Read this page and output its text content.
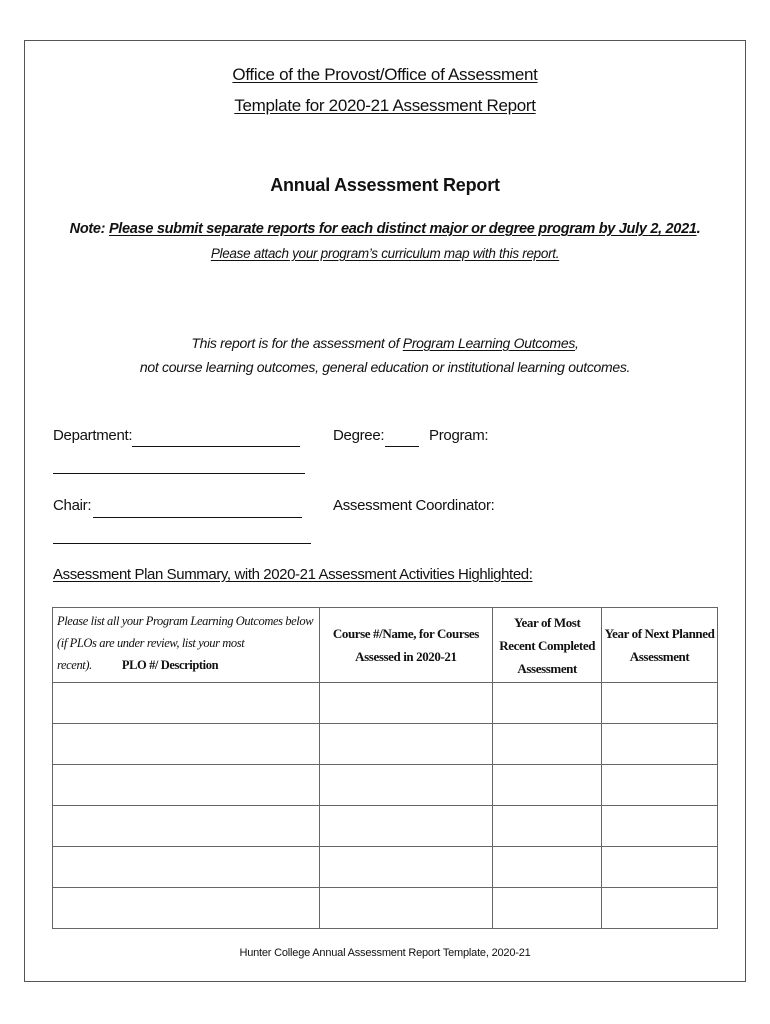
Office of the Provost/Office of Assessment
Template for 2020-21 Assessment Report
Annual Assessment Report
Note: Please submit separate reports for each distinct major or degree program by July 2, 2021.
Please attach your program’s curriculum map with this report.
This report is for the assessment of Program Learning Outcomes,
not course learning outcomes, general education or institutional learning outcomes.
Department:	Degree:	Program:
Chair:	Assessment Coordinator:
Assessment Plan Summary, with 2020-21 Assessment Activities Highlighted:
Please list all your Program Learning Outcomes below (if PLOs are under review, list your most recent). PLO #/ Description	Course #/Name, for Courses Assessed in 2020-21	Year of Most Recent Completed Assessment	Year of Next Planned Assessment

Hunter College Annual Assessment Report Template, 2020-21
